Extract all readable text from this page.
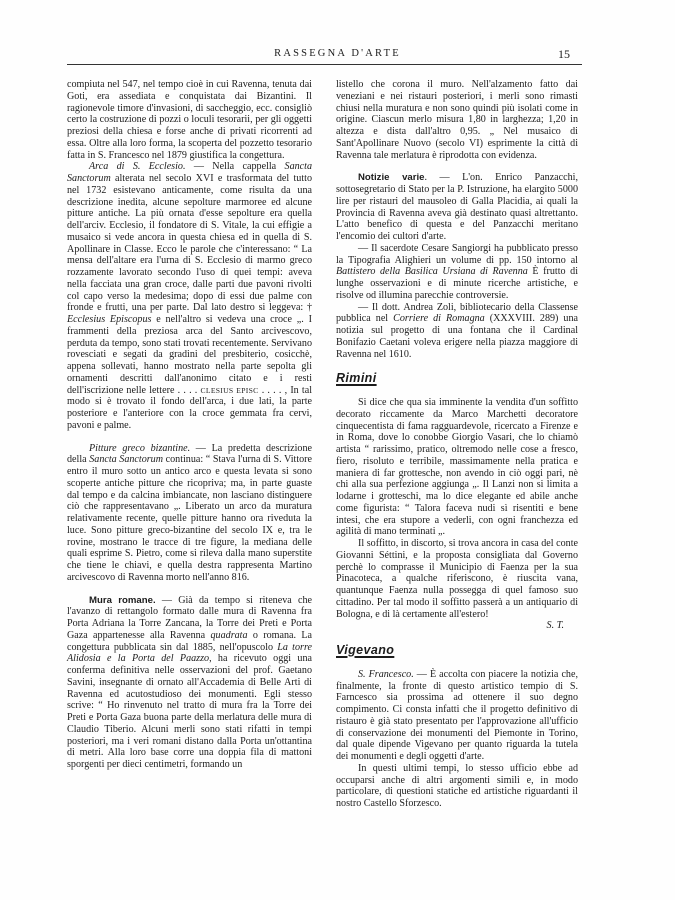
RASSEGNA D'ARTE	15

compiuta nel 547, nel tempo cioè in cui Ravenna, tenuta dai Goti, era assediata e conquistata dai Bizantini. Il ragionevole timore d'invasioni, di saccheggio, ecc. consigliò certo la costruzione di pozzi o loculi tesorarii, per gli oggetti preziosi della chiesa e forse anche di privati ricorrenti ad essa. Oltre alla loro forma, la scoperta del pozzetto tesorario fatta in S. Francesco nel 1879 giustifica la congettura.

Arca di S. Ecclesio. — Nella cappella Sancta Sanctorum alterata nel secolo XVI e trasformata del tutto nel 1732 esistevano anticamente, come risulta da una descrizione inedita, alcune sepolture marmoree ed alcune pitture antiche. La più ornata d'esse sepolture era quella dell'arciv. Ecclesio, il fondatore di S. Vitale, la cui effigie a musaico si vede ancora in questa chiesa ed in quella di S. Apollinare in Classe. Ecco le parole che c'interessano: “ La mensa dell'altare era l'urna di S. Ecclesio di marmo greco rozzamente lavorato secondo l'uso di quei tempi: aveva nella facciata una gran croce, dalle parti due pavoni rivolti col capo verso la medesima; dopo di essi due palme con fronde e frutti, una per parte. Dal lato destro si leggeva: † Ecclesius Episcopus e nell'altro si vedeva una croce „. I frammenti della preziosa arca del Santo arcivescovo, perduta da tempo, sono stati trovati recentemente. Servivano rovesciati e segati da gradini del presbiterio, cosicchè, appena sollevati, hanno mostrato nella parte sepolta gli ornamenti descritti dall'anonimo citato e i resti dell'iscrizione nelle lettere . . . . CLESIUS EPISC . . . . , In tal modo si è trovato il fondo dell'arca, i due lati, la parte posteriore e l'anteriore con la croce gemmata fra cervi, pavoni e palme.

Pitture greco bizantine. — La predetta descrizione della Sancta Sanctorum continua: “ Stava l'urna di S. Vittore entro il muro sotto un antico arco e questa levata si sono scoperte antiche pitture che ricopriva; ma, in parte guaste dal tempo e da calcina imbiancate, non lasciano distinguere ciò che rappresentavano „. Liberato un arco da muratura relativamente recente, quelle pitture hanno ora riveduta la luce. Sono pitture greco-bizantine del secolo IX e, tra le rovine, mostrano le tracce di tre figure, la mediana delle quali esprime S. Pietro, come si rileva dalla mano superstite che tiene le chiavi, e quella destra rappresenta Martino arcivescovo di Ravenna morto nell'anno 816.

Mura romane. — Già da tempo si riteneva che l'avanzo di rettangolo formato dalle mura di Ravenna fra Porta Adriana la Torre Zancana, la Torre dei Preti e Porta Gaza appartenesse alla Ravenna quadrata o romana. La congettura pubblicata sin dal 1885, nell'opuscolo La torre Alidosia e la Porta del Paazzo, ha ricevuto oggi una conferma definitiva nelle osservazioni del prof. Gaetano Savini, insegnante di ornato all'Accademia di Belle Arti di Ravenna ed acutostudioso dei monumenti. Egli stesso scrive: “ Ho rinvenuto nel tratto di mura fra la Torre dei Preti e Porta Gaza buona parte della merlatura delle mura di Claudio Tiberio. Alcuni merli sono stati rifatti in tempi posteriori, ma i veri romani distano dalla Porta un'ottantina di metri. Alla loro base corre una doppia fila di mattoni sporgenti per dieci centimetri, formando un

listello che corona il muro. Nell'alzamento fatto dai veneziani e nei ristauri posteriori, i merli sono rimasti chiusi nella muratura e non sono quindi più isolati come in origine. Ciascun merlo misura 1,80 in larghezza; 1,20 in altezza e dista dall'altro 0,95. „ Nel musaico di Sant'Apollinare Nuovo (secolo VI) esprimente la città di Ravenna tale merlatura è riprodotta con evidenza.

Notizie varie. — L'on. Enrico Panzacchi, sottosegretario di Stato per la P. Istruzione, ha elargito 5000 lire per ristauri del mausoleo di Galla Placidia, ai quali la Provincia di Ravenna aveva già destinato quasi altrettanto. L'atto benefico di questa e del Panzacchi meritano l'encomio dei cultori d'arte.

— Il sacerdote Cesare Sangiorgi ha pubblicato presso la Tipografia Alighieri un volume di pp. 150 intorno al Battistero della Basilica Ursiana di Ravenna È frutto di lunghe osservazioni e di minute ricerche artistiche, e risolve od illumina parecchie controversie.

— Il dott. Andrea Zoli, bibliotecario della Classense pubblica nel Corriere di Romagna (XXXVIII. 289) una notizia sul progetto di una fontana che il Cardinal Bonifazio Caetani voleva erigere nella piazza maggiore di Ravenna nel 1610.

Rimini

Si dice che qua sia imminente la vendita d'un soffitto decorato riccamente da Marco Marchetti decoratore cinquecentista di fama ragguardevole, ricercato a Firenze e in Roma, dove lo conobbe Giorgio Vasari, che lo chiamò artista “ rarissimo, pratico, oltremodo nelle cose a fresco, fiero, risoluto e terribile, massimamente nella pratica e maniera di far grottesche, non avendo in ciò oggi pari, nè chi alla sua perfezione aggiunga „. Il Lanzi non si limita a lodarne i grotteschi, ma lo dice elegante ed abile anche come figurista: “ Talora faceva nudi sì risentiti e bene intesi, che era stupore a vederli, con ogni franchezza ed agilità di mano terminati „.

Il soffitto, in discorto, si trova ancora in casa del conte Giovanni Séttini, e la proposta consigliata dal Governo perchè lo comprasse il Municipio di Faenza per la sua Pinacoteca, a qualche riferiscono, è riuscita vana, quantunque Faenza nulla possegga di quel famoso suo cittadino. Per tal modo il soffitto passerà a un antiquario di Bologna, e di là certamente all'estero!

S. T.
Vigevano

S. Francesco. — È accolta con piacere la notizia che, finalmente, la fronte di questo artistico tempio di S. Farncesco sia prossima ad ottenere il suo degno compimento. Ci consta infatti che il progetto definitivo di ristauro è già stato presentato per l'approvazione all'ufficio di conservazione dei monumenti del Piemonte in Torino, dal quale dipende Vigevano per quanto riguarda la tutela dei monumenti e degli oggetti d'arte.

In questi ultimi tempi, lo stesso ufficio ebbe ad occuparsi anche di altri argomenti simili e, in modo particolare, di questioni statiche ed artistiche riguardanti il nostro Castello Sforzesco.
